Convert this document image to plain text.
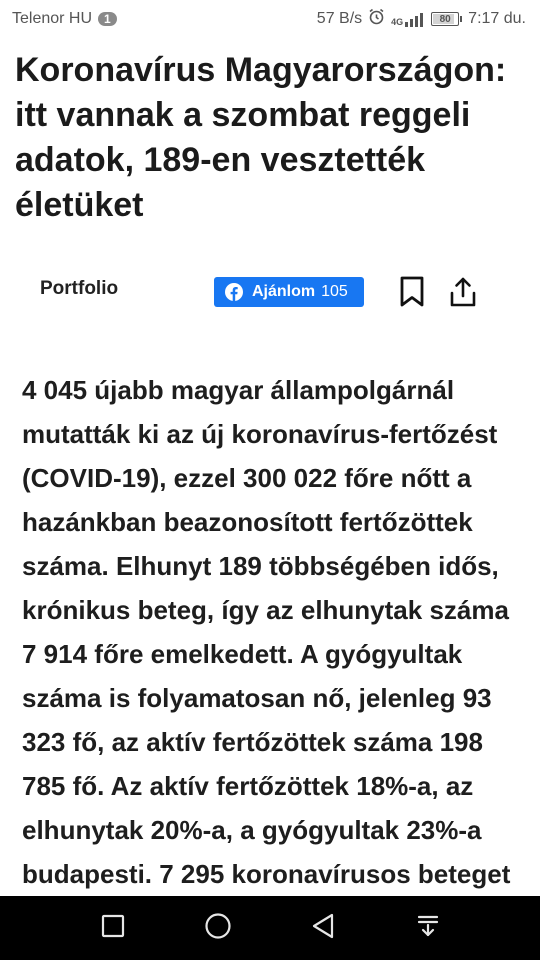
Telenor HU	1	57 B/s	4G	80 7:17 du.
Koronavírus Magyarországon: itt vannak a szombat reggeli adatok, 189-en vesztették életüket
Portfolio	Ajánlom 105

4 045 újabb magyar állampolgárnál mutatták ki az új koronavírus-fertőzést (COVID-19), ezzel 300 022 főre nőtt a hazánkban beazonosított fertőzöttek száma. Elhunyt 189 többségében idős, krónikus beteg, így az elhunytak száma 7 914 főre emelkedett. A gyógyultak száma is folyamatosan nő, jelenleg 93 323 fő, az aktív fertőzöttek száma 198 785 fő. Az aktív fertőzöttek 18%-a, az elhunytak 20%-a, a gyógyultak 23%-a budapesti. 7 295 koronavírusos beteget
